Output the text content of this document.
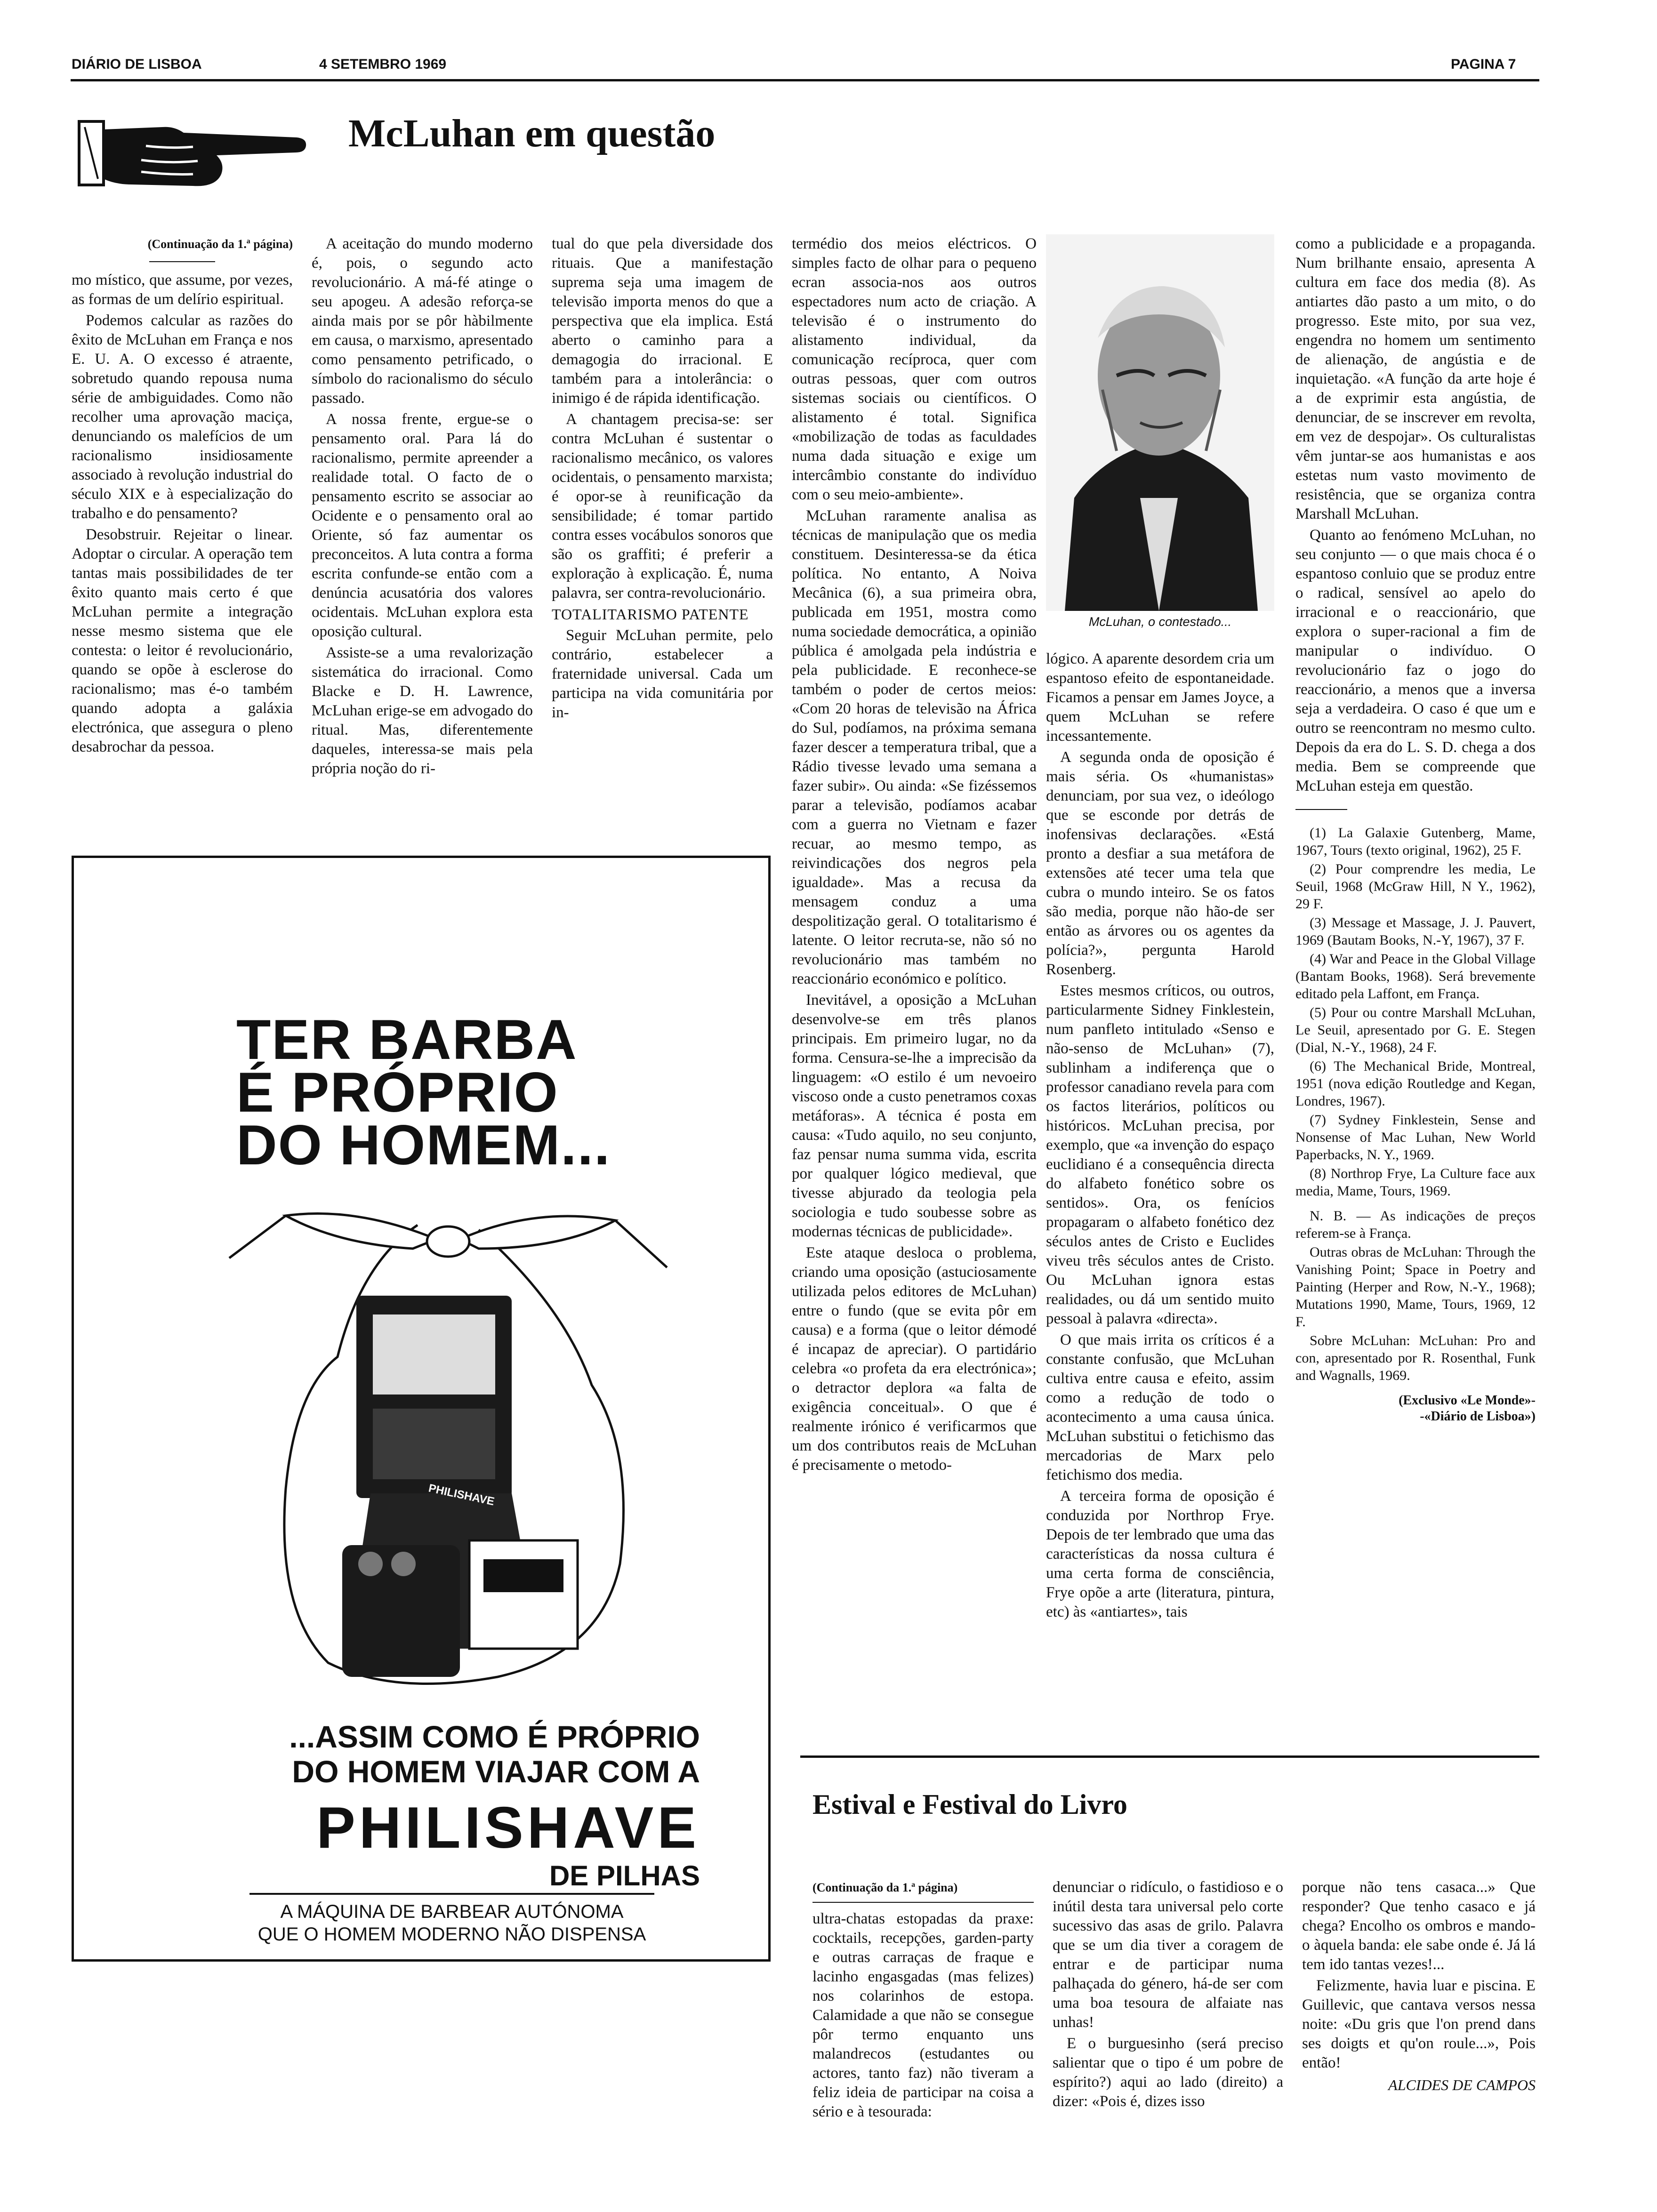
DIÁRIO DE LISBOA	4 SETEMBRO 1969	PAGINA 7
McLuhan em questão
(Continuação da 1.ª página)

mo místico, que assume, por vezes, as formas de um delírio espiritual.

Podemos calcular as razões do êxito de McLuhan em França e nos E. U. A. O excesso é atraente, sobretudo quando repousa numa série de ambiguidades. Como não recolher uma aprovação maciça, denunciando os malefícios de um racionalismo insidiosamente associado à revolução industrial do século XIX e à especialização do trabalho e do pensamento?

Desobstruir. Rejeitar o linear. Adoptar o circular. A operação tem tantas mais possibilidades de ter êxito quanto mais certo é que McLuhan permite a integração nesse mesmo sistema que ele contesta: o leitor é revolucionário, quando se opõe à esclerose do racionalismo; mas é-o também quando adopta a galáxia electrónica, que assegura o pleno desabrochar da pessoa.

A aceitação do mundo moderno é, pois, o segundo acto revolucionário. A má-fé atinge o seu apogeu. A adesão reforça-se ainda mais por se pôr hàbilmente em causa, o marxismo, apresentado como pensamento petrificado, o símbolo do racionalismo do século passado.

A nossa frente, ergue-se o pensamento oral. Para lá do racionalismo, permite apreender a realidade total. O facto de o pensamento escrito se associar ao Ocidente e o pensamento oral ao Oriente, só faz aumentar os preconceitos. A luta contra a forma escrita confunde-se então com a denúncia acusatória dos valores ocidentais. McLuhan explora esta oposição cultural.

Assiste-se a uma revalorização sistemática do irracional. Como Blacke e D. H. Lawrence, McLuhan erige-se em advogado do ritual. Mas, diferentemente daqueles, interessa-se mais pela própria noção do ri-

tual do que pela diversidade dos rituais. Que a manifestação suprema seja uma imagem de televisão importa menos do que a perspectiva que ela implica. Está aberto o caminho para a demagogia do irracional. E também para a intolerância: o inimigo é de rápida identificação.

A chantagem precisa-se: ser contra McLuhan é sustentar o racionalismo mecânico, os valores ocidentais, o pensamento marxista; é opor-se à reunificação da sensibilidade; é tomar partido contra esses vocábulos sonoros que são os graffiti; é preferir a exploração à explicação. É, numa palavra, ser contra-revolucionário.

TOTALITARISMO PATENTE

Seguir McLuhan permite, pelo contrário, estabelecer a fraternidade universal. Cada um participa na vida comunitária por in-

termédio dos meios eléctricos. O simples facto de olhar para o pequeno ecran associa-nos aos outros espectadores num acto de criação. A televisão é o instrumento do alistamento individual, da comunicação recíproca, quer com outras pessoas, quer com outros sistemas sociais ou científicos. O alistamento é total. Significa «mobilização de todas as faculdades numa dada situação e exige um intercâmbio constante do indivíduo com o seu meio-ambiente».

McLuhan raramente analisa as técnicas de manipulação que os media constituem. Desinteressa-se da ética política. No entanto, A Noiva Mecânica (6), a sua primeira obra, publicada em 1951, mostra como numa sociedade democrática, a opinião pública é amolgada pela indústria e pela publicidade. E reconhece-se também o poder de certos meios: «Com 20 horas de televisão na África do Sul, podíamos, na próxima semana fazer descer a temperatura tribal, que a Rádio tivesse levado uma semana a fazer subir». Ou ainda: «Se fizéssemos parar a televisão, podíamos acabar com a guerra no Vietnam e fazer recuar, ao mesmo tempo, as reivindicações dos negros pela igualdade». Mas a recusa da mensagem conduz a uma despolitização geral. O totalitarismo é latente. O leitor recruta-se, não só no revolucionário mas também no reaccionário económico e político.

Inevitável, a oposição a McLuhan desenvolve-se em três planos principais. Em primeiro lugar, no da forma. Censura-se-lhe a imprecisão da linguagem: «O estilo é um nevoeiro viscoso onde a custo penetramos coxas metáforas». A técnica é posta em causa: «Tudo aquilo, no seu conjunto, faz pensar numa summa vida, escrita por qualquer lógico medieval, que tivesse abjurado da teologia pela sociologia e tudo soubesse sobre as modernas técnicas de publicidade».

Este ataque desloca o problema, criando uma oposição (astuciosamente utilizada pelos editores de McLuhan) entre o fundo (que se evita pôr em causa) e a forma (que o leitor démodé é incapaz de apreciar). O partidário celebra «o profeta da era electrónica»; o detractor deplora «a falta de exigência conceitual». O que é realmente irónico é verificarmos que um dos contributos reais de McLuhan é precisamente o metodo-

McLuhan, o contestado...

lógico. A aparente desordem cria um espantoso efeito de espontaneidade. Ficamos a pensar em James Joyce, a quem McLuhan se refere incessantemente.

A segunda onda de oposição é mais séria. Os «humanistas» denunciam, por sua vez, o ideólogo que se esconde por detrás de inofensivas declarações. «Está pronto a desfiar a sua metáfora de extensões até tecer uma tela que cubra o mundo inteiro. Se os fatos são media, porque não hão-de ser então as árvores ou os agentes da polícia?», pergunta Harold Rosenberg.

Estes mesmos críticos, ou outros, particularmente Sidney Finklestein, num panfleto intitulado «Senso e não-senso de McLuhan» (7), sublinham a indiferença que o professor canadiano revela para com os factos literários, políticos ou históricos. McLuhan precisa, por exemplo, que «a invenção do espaço euclidiano é a consequência directa do alfabeto fonético sobre os sentidos». Ora, os fenícios propagaram o alfabeto fonético dez séculos antes de Cristo e Euclides viveu três séculos antes de Cristo. Ou McLuhan ignora estas realidades, ou dá um sentido muito pessoal à palavra «directa».

O que mais irrita os críticos é a constante confusão, que McLuhan cultiva entre causa e efeito, assim como a redução de todo o acontecimento a uma causa única. McLuhan substitui o fetichismo das mercadorias de Marx pelo fetichismo dos media.

A terceira forma de oposição é conduzida por Northrop Frye. Depois de ter lembrado que uma das características da nossa cultura é uma certa forma de consciência, Frye opõe a arte (literatura, pintura, etc) às «antiartes», tais

como a publicidade e a propaganda. Num brilhante ensaio, apresenta A cultura em face dos media (8). As antiartes dão pasto a um mito, o do progresso. Este mito, por sua vez, engendra no homem um sentimento de alienação, de angústia e de inquietação. «A função da arte hoje é a de exprimir esta angústia, de denunciar, de se inscrever em revolta, em vez de despojar». Os culturalistas vêm juntar-se aos humanistas e aos estetas num vasto movimento de resistência, que se organiza contra Marshall McLuhan.

Quanto ao fenómeno McLuhan, no seu conjunto — o que mais choca é o espantoso conluio que se produz entre o radical, sensível ao apelo do irracional e o reaccionário, que explora o super-racional a fim de manipular o indivíduo. O revolucionário faz o jogo do reaccionário, a menos que a inversa seja a verdadeira. O caso é que um e outro se reencontram no mesmo culto. Depois da era do L. S. D. chega a dos media. Bem se compreende que McLuhan esteja em questão.

(1) La Galaxie Gutenberg, Mame, 1967, Tours (texto original, 1962), 25 F.

(2) Pour comprendre les media, Le Seuil, 1968 (McGraw Hill, N Y., 1962), 29 F.

(3) Message et Massage, J. J. Pauvert, 1969 (Bautam Books, N.-Y, 1967), 37 F.

(4) War and Peace in the Global Village (Bantam Books, 1968). Será brevemente editado pela Laffont, em França.

(5) Pour ou contre Marshall McLuhan, Le Seuil, apresentado por G. E. Stegen (Dial, N.-Y., 1968), 24 F.

(6) The Mechanical Bride, Montreal, 1951 (nova edição Routledge and Kegan, Londres, 1967).

(7) Sydney Finklestein, Sense and Nonsense of Mac Luhan, New World Paperbacks, N. Y., 1969.

(8) Northrop Frye, La Culture face aux media, Mame, Tours, 1969.

N. B. — As indicações de preços referem-se à França.

Outras obras de McLuhan: Through the Vanishing Point; Space in Poetry and Painting (Herper and Row, N.-Y., 1968); Mutations 1990, Mame, Tours, 1969, 12 F.

Sobre McLuhan: McLuhan: Pro and con, apresentado por R. Rosenthal, Funk and Wagnalls, 1969.

(Exclusivo «Le Monde»-
-«Diário de Lisboa»)
TER BARBA
É PRÓPRIO
DO HOMEM...
PHILISHAVE
...ASSIM COMO É PRÓPRIO
DO HOMEM VIAJAR COM A
PHILISHAVE
DE PILHAS
A MÁQUINA DE BARBEAR AUTÓNOMA
QUE O HOMEM MODERNO NÃO DISPENSA
Estival e Festival do Livro
(Continuação da 1.ª página)

ultra-chatas estopadas da praxe: cocktails, recepções, garden-party e outras carraças de fraque e lacinho engasgadas (mas felizes) nos colarinhos de estopa. Calamidade a que não se consegue pôr termo enquanto uns malandrecos (estudantes ou actores, tanto faz) não tiveram a feliz ideia de participar na coisa a sério e à tesourada:

denunciar o ridículo, o fastidioso e o inútil desta tara universal pelo corte sucessivo das asas de grilo. Palavra que se um dia tiver a coragem de entrar e de participar numa palhaçada do género, há-de ser com uma boa tesoura de alfaiate nas unhas!

E o burguesinho (será preciso salientar que o tipo é um pobre de espírito?) aqui ao lado (direito) a dizer: «Pois é, dizes isso

porque não tens casaca...» Que responder? Que tenho casaco e já chega? Encolho os ombros e mando-o àquela banda: ele sabe onde é. Já lá tem ido tantas vezes!...

Felizmente, havia luar e piscina. E Guillevic, que cantava versos nessa noite: «Du gris que l'on prend dans ses doigts et qu'on roule...», Pois então!

ALCIDES DE CAMPOS
